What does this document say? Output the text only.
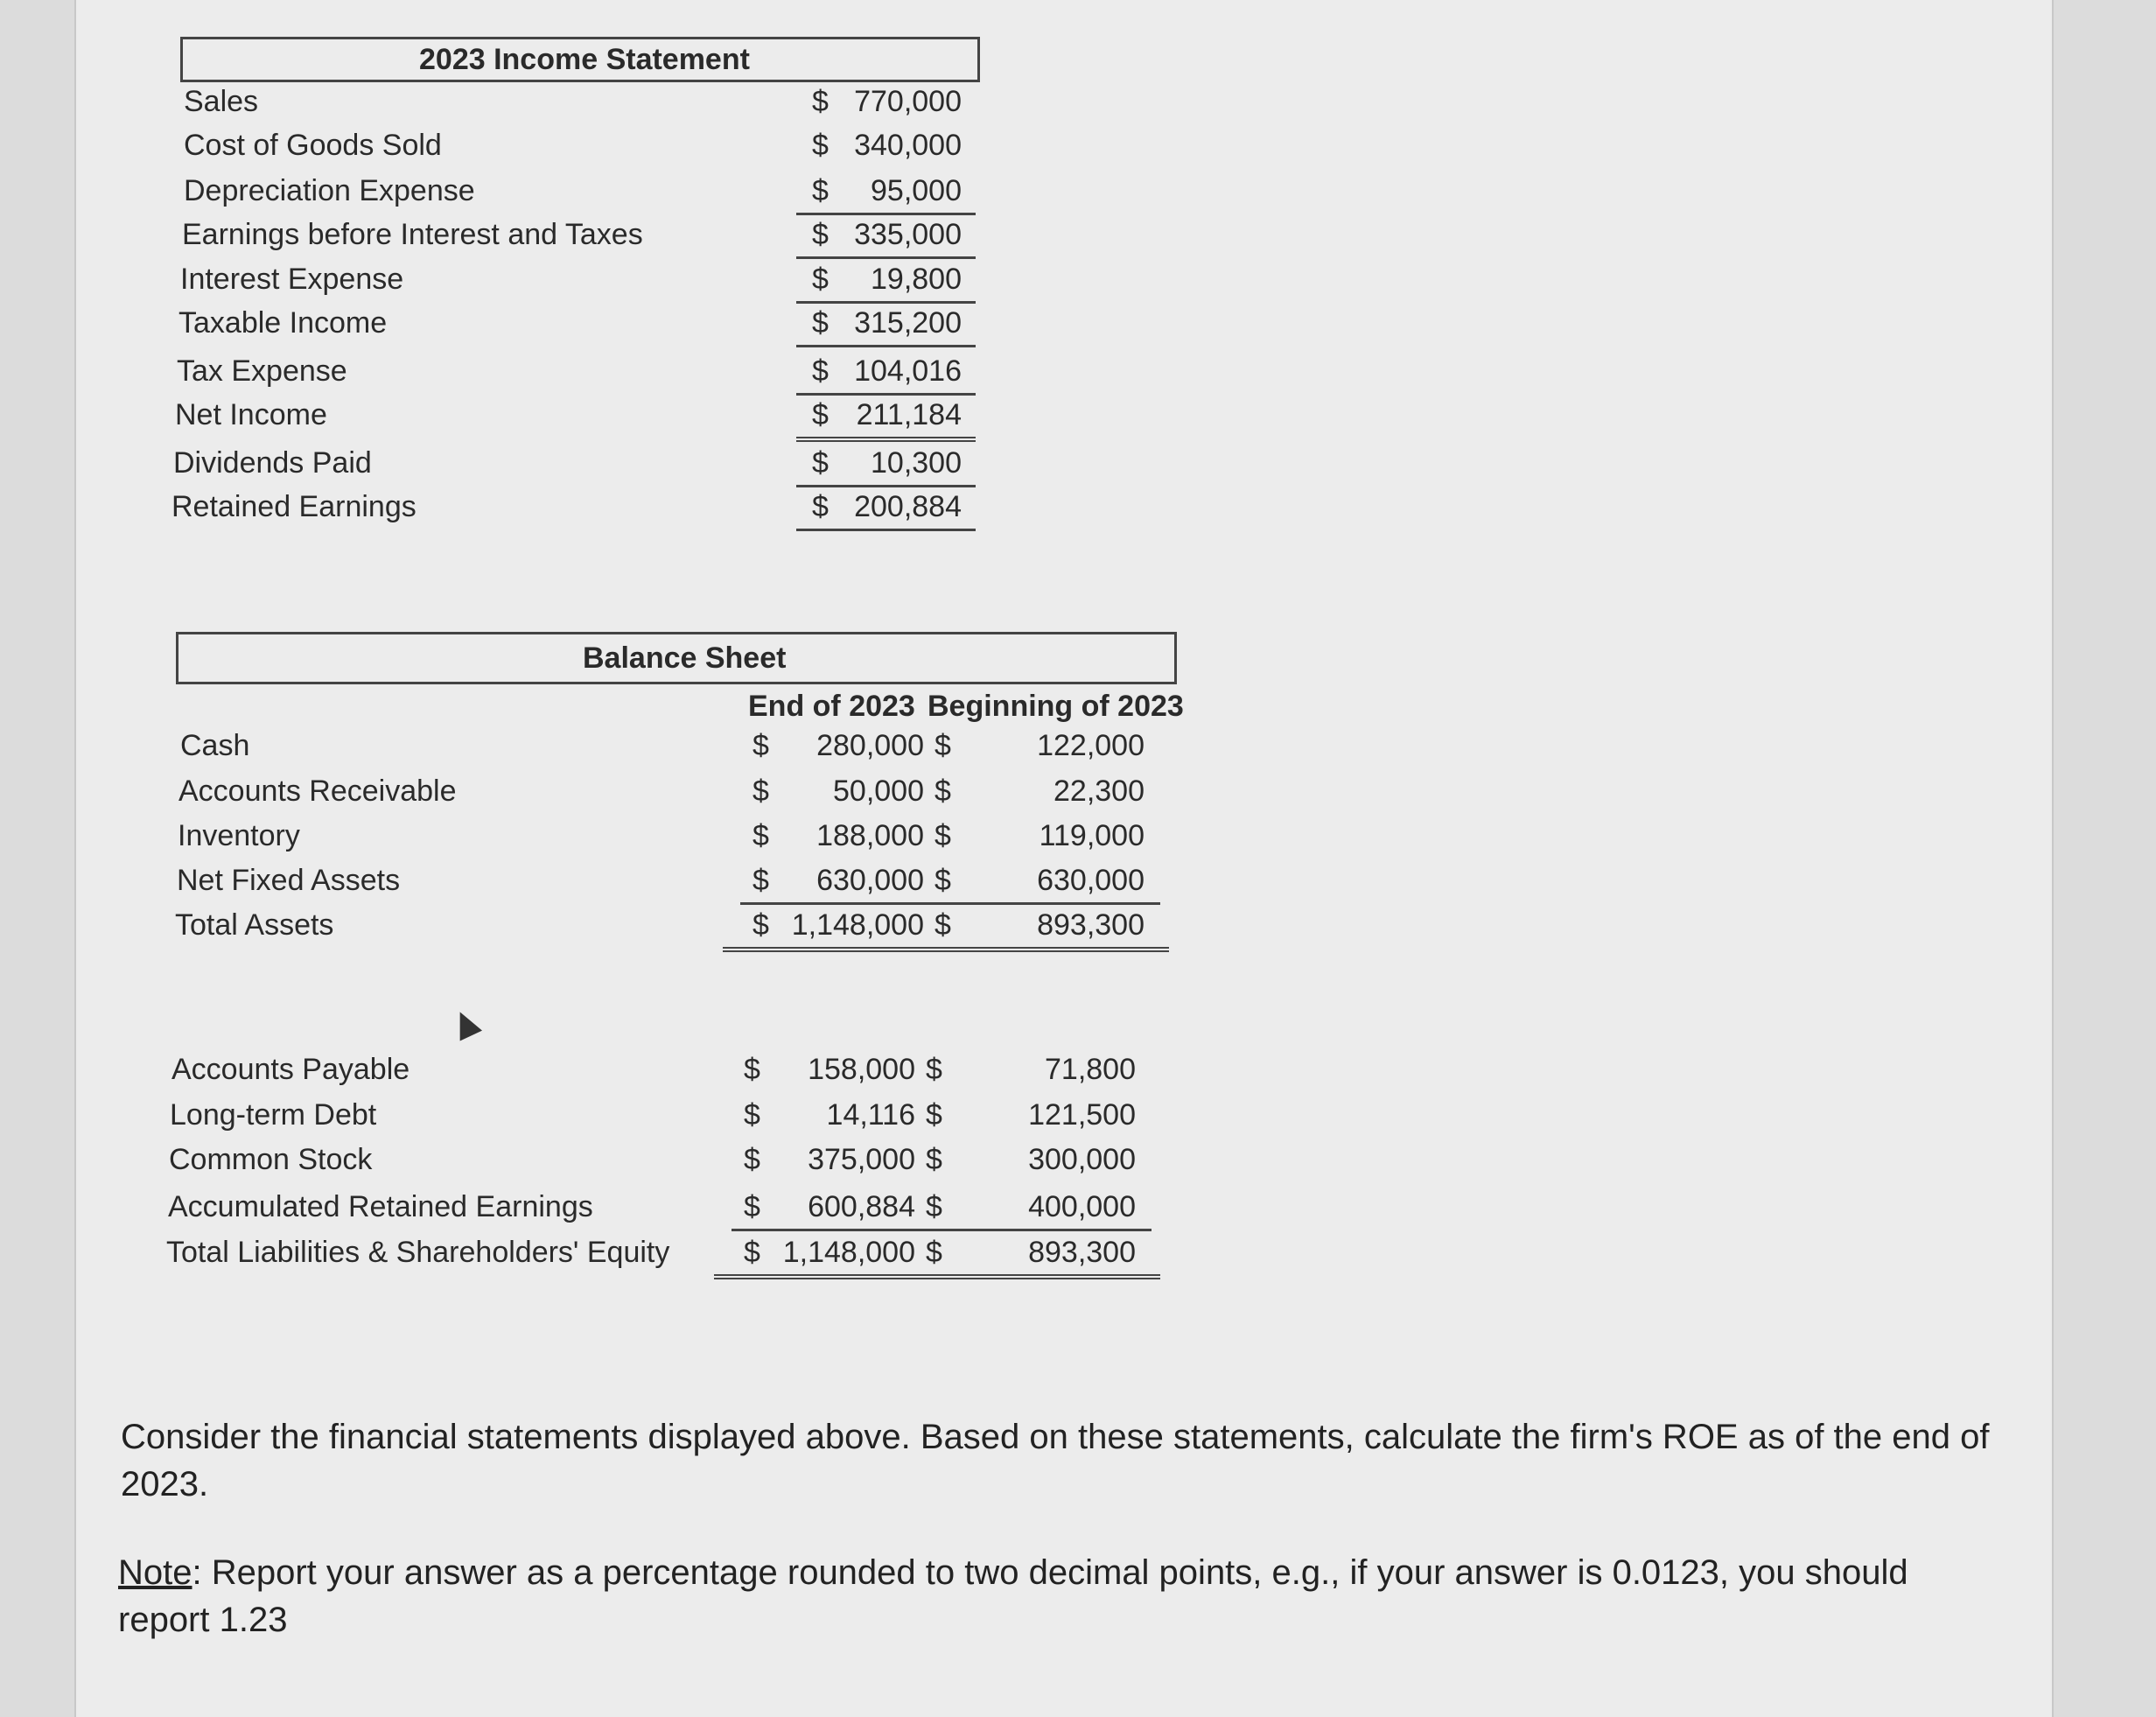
2023 Income Statement
Sales	$ 770,000
Cost of Goods Sold	$ 340,000
Depreciation Expense	$ 95,000
Earnings before Interest and Taxes	$ 335,000
Interest Expense	$ 19,800
Taxable Income	$ 315,200
Tax Expense	$ 104,016
Net Income	$ 211,184
Dividends Paid	$ 10,300
Retained Earnings	$ 200,884
Balance Sheet
End of 2023 Beginning of 2023
Cash	$ 280,000 $	122,000
Accounts Receivable	$ 50,000 $	22,300
Inventory	$ 188,000 $	119,000
Net Fixed Assets	$ 630,000 $	630,000
Total Assets	$ 1,148,000 $	893,300
Accounts Payable	$ 158,000 $	71,800
Long-term Debt	$ 14,116 $	121,500
Common Stock	$ 375,000 $	300,000
Accumulated Retained Earnings	$ 600,884 $	400,000
Total Liabilities & Shareholders' Equity $ 1,148,000 $	893,300
Consider the financial statements displayed above. Based on these statements, calculate the firm's ROE as of the end of 2023.
Note: Report your answer as a percentage rounded to two decimal points, e.g., if your answer is 0.0123, you should report 1.23
